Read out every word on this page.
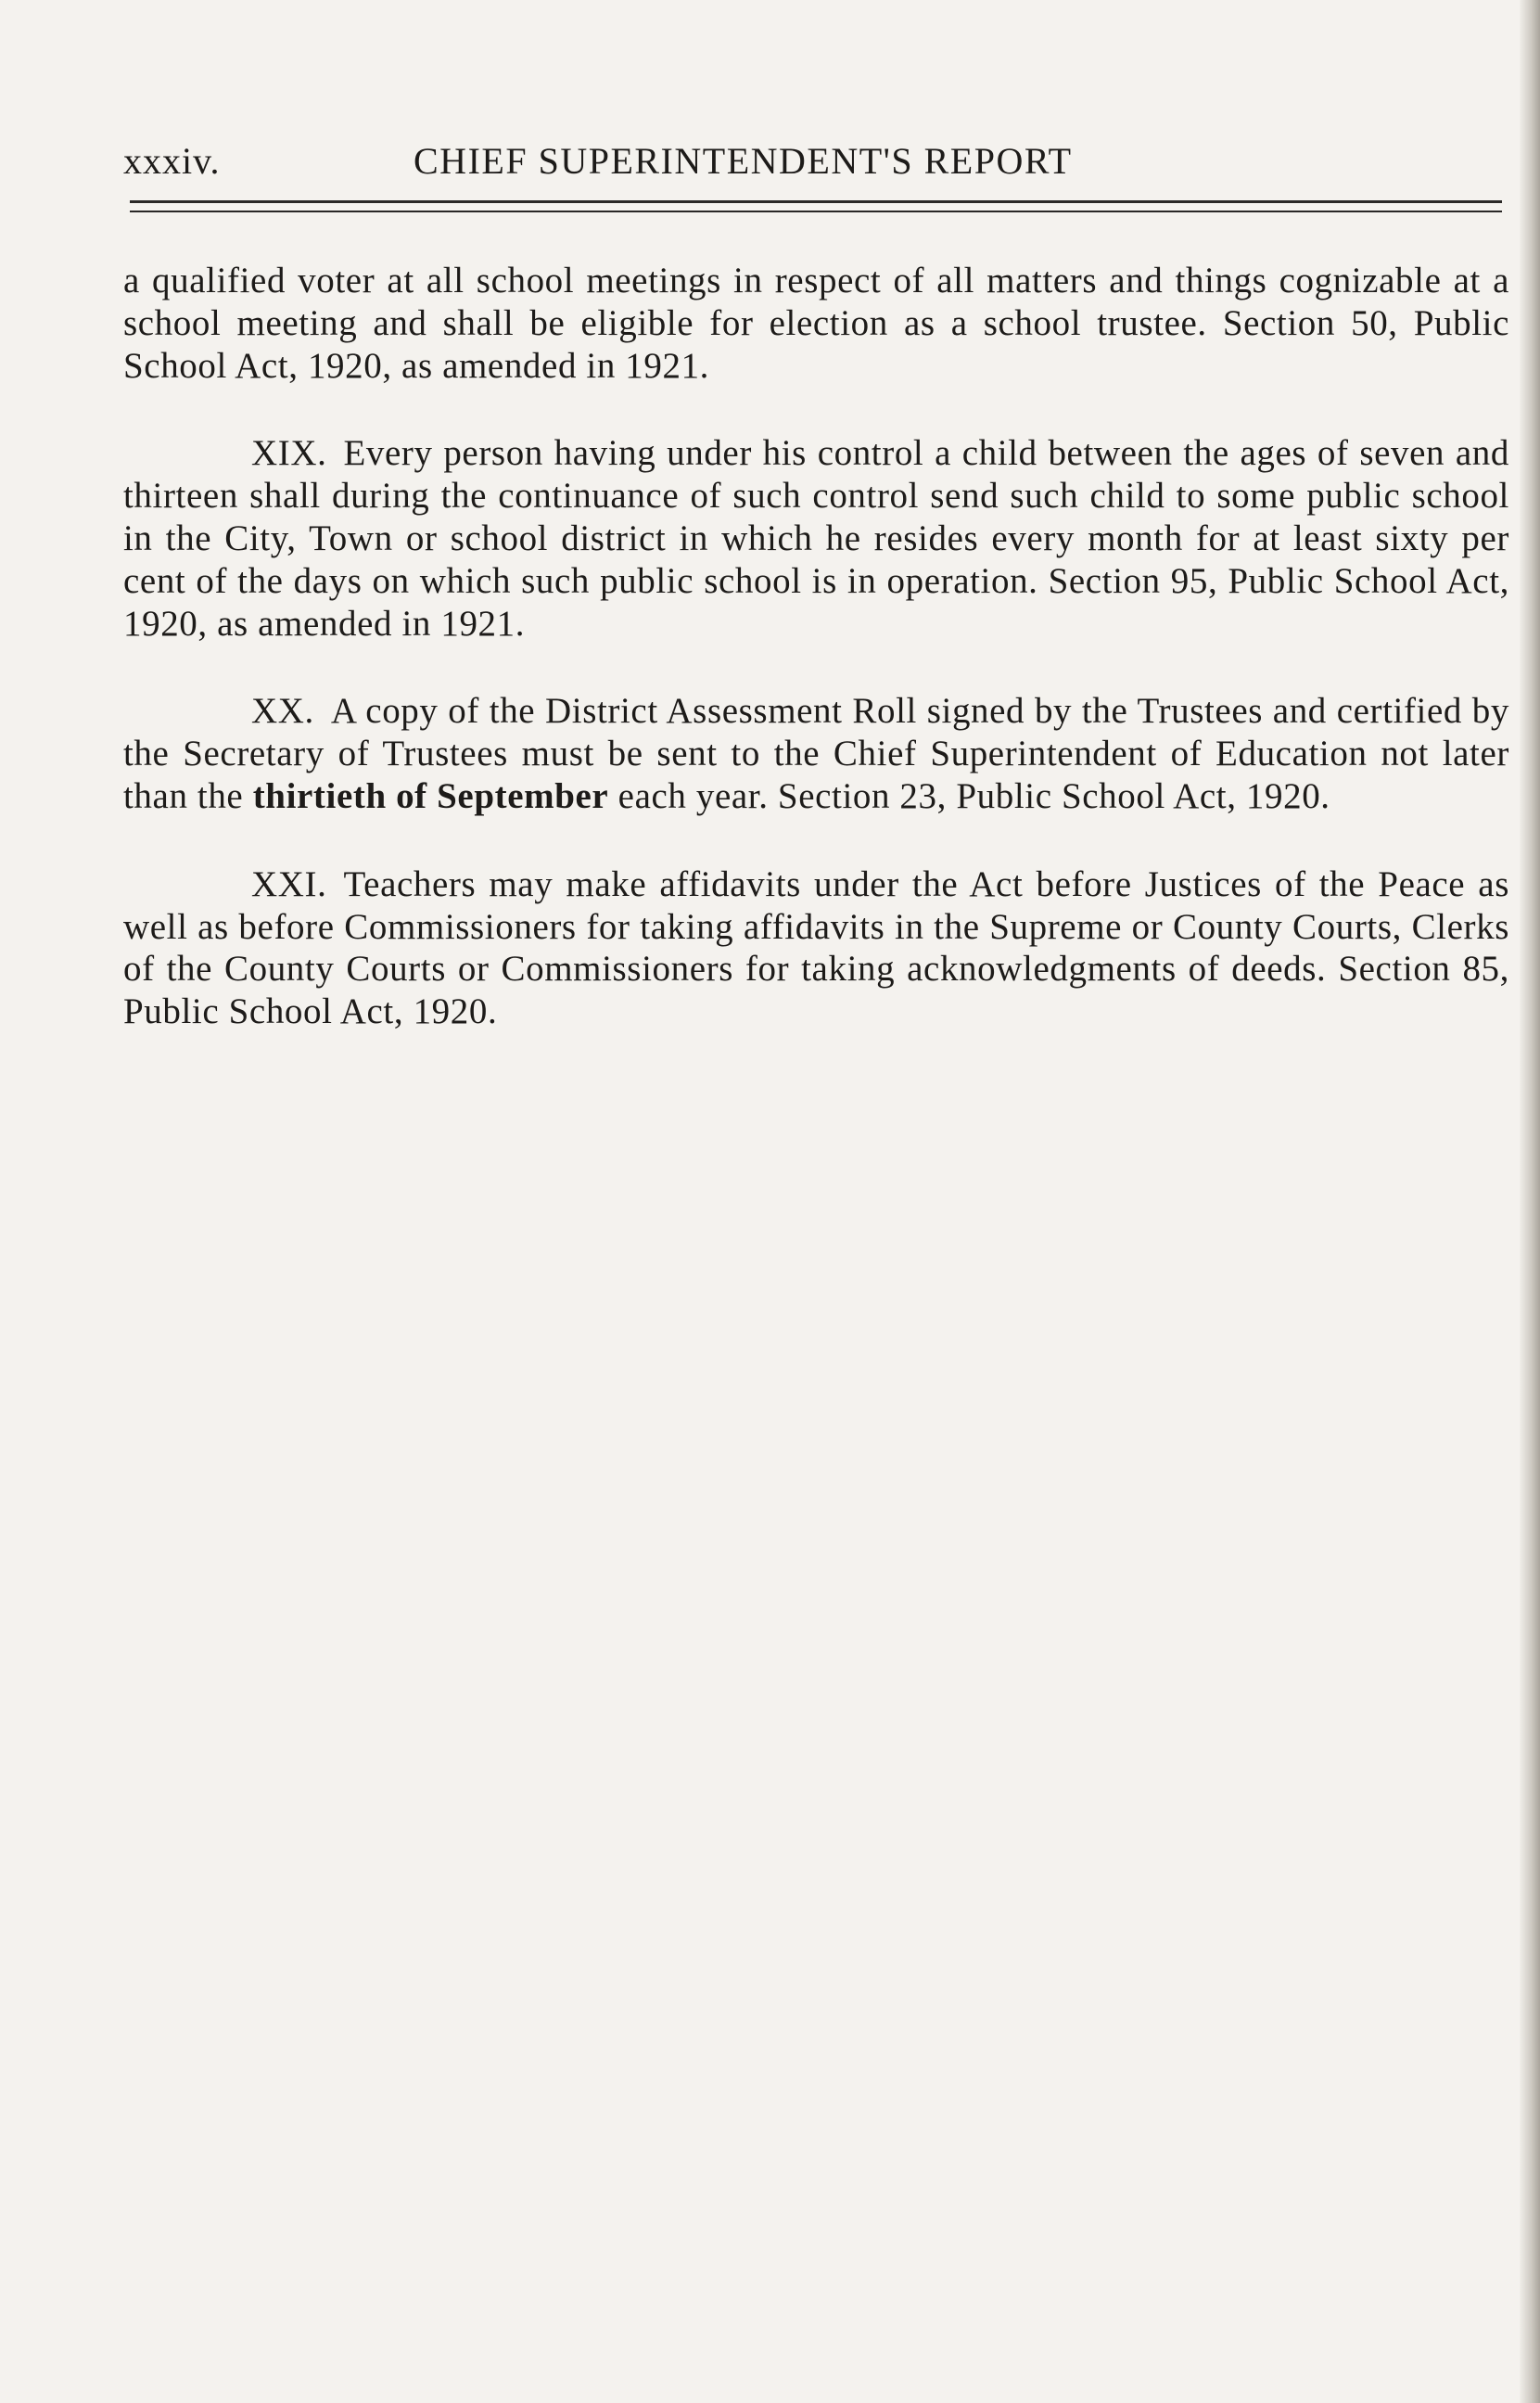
xxxiv.	CHIEF SUPERINTENDENT'S REPORT

a qualified voter at all school meetings in respect of all matters and things cognizable at a school meeting and shall be eligible for election as a school trustee. Section 50, Public School Act, 1920, as amended in 1921.

XIX. Every person having under his control a child between the ages of seven and thirteen shall during the continuance of such control send such child to some public school in the City, Town or school district in which he resides every month for at least sixty per cent of the days on which such public school is in operation. Section 95, Public School Act, 1920, as amended in 1921.

XX. A copy of the District Assessment Roll signed by the Trustees and certified by the Secretary of Trustees must be sent to the Chief Superintendent of Education not later than the thirtieth of September each year. Section 23, Public School Act, 1920.

XXI. Teachers may make affidavits under the Act before Justices of the Peace as well as before Commissioners for taking affidavits in the Supreme or County Courts, Clerks of the County Courts or Commissioners for taking acknowledgments of deeds. Section 85, Public School Act, 1920.
